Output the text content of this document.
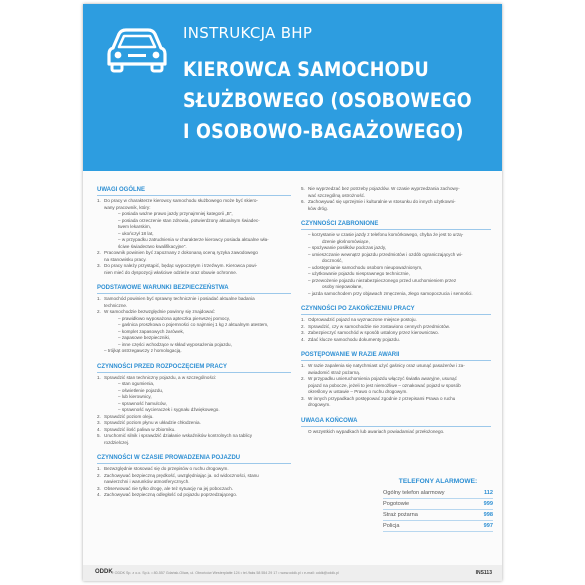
INSTRUKCJA BHP
KIEROWCA SAMOCHODU
SŁUŻBOWEGO (OSOBOWEGO
I OSOBOWO-BAGAŻOWEGO)
UWAGI OGÓLNE
1. Do pracy w charakterze kierowcy samochodu służbowego może być skiero-
wany pracownik, który:
– posiada ważne prawo jazdy przynajmniej kategorii „B”,
– posiada orzeczenie stan zdrowia, potwierdzony aktualnym świadec-
twem lekarskim,
– ukończył 18 lat,
– w przypadku zatrudnienia w charakterze kierowcy posiada aktualne wła-
ściwe świadectwo kwalifikacyjne”.
2. Pracownik powinien być zapoznany z dokonaną oceną ryzyka zawodowego
na stanowisku pracy.
3. Do pracy należy przystąpić, będąc wypoczętym i trzeźwym. Kierowca powi-
nien mieć do dyspozycji właściwe odzieże oraz obuwie ochronne.
PODSTAWOWE WARUNKI BEZPIECZEŃSTWA
1. Samochód powinien być sprawny technicznie i posiadać aktualne badania
techniczne.
2. W samochodzie bezwzględnie powinny się znajdować:
– prawidłowo wyposażona apteczka pierwszej pomocy,
– gaśnica proszkowa o pojemności co najmniej 1 kg z aktualnym atestem,
– komplet zapasowych żarówek,
– zapasowe bezpieczniki,
– inne części wchodzące w skład wyposażenia pojazdu,
– trójkąt ostrzegawczy z homologacją.
CZYNNOŚCI PRZED ROZPOCZĘCIEM PRACY
1. Sprawdzić stan techniczny pojazdu, a w szczególności:
– stan ogumienia,
– oświetlenie pojazdu,
– lub kierownicy,
– sprawność hamulców,
– sprawność wycieraczek i sygnału dźwiękowego.
2. Sprawdzić poziom oleju.
3. Sprawdzić poziom płynu w układzie chłodzenia.
4. Sprawdzić ilość paliwa w zbiorniku.
5. Uruchomić silnik i sprawdzić działanie wskaźników kontrolnych na tablicy
rozdzielczej.
CZYNNOŚCI W CZASIE PROWADZENIA POJAZDU
1. Bezwzględnie stosować się do przepisów o ruchu drogowym.
2. Zachowywać bezpieczną prędkość, uwzględniając ja. od widoczności, stanu
nawierzchni i warunków atmosferycznych.
3. Obserwować nie tylko drogę, ale też sytuację na jej poboczach.
4. Zachowywać bezpieczną odległość od pojazdu poprzedzającego.
5. Nie wyprzedzać bez potrzeby pojazdów. W czasie wyprzedzania zachowy-
wać szczególną ostrożność.
6. Zachowywać się uprzejmie i kulturalnie w stosunku do innych użytkowni-
ków dróg.
CZYNNOŚCI ZABRONIONE
– korzystanie w czasie jazdy z telefonu komórkowego, chyba że jest to urzą-
dzenie głośnomówiące,
– spożywanie posiłków podczas jazdy,
– umieszczanie wewnątrz pojazdu przedmiotów i ozdób ograniczających wi-
doczność,
– udostępnianie samochodu osobom nieupoważnionym,
– użytkowanie pojazdu niesprawnego technicznie,
– przewożenie pojazdu niezabezpieczonego przed uruchomieniem przez
osoby niepowołane,
– jazda samochodem przy objawach zmęczenia, złego samopoczucia i senności.
CZYNNOŚCI PO ZAKOŃCZENIU PRACY
1. Odprowadzić pojazd na wyznaczone miejsce postoju.
2. Sprawdzić, czy w samochodzie nie zostawiono cennych przedmiotów.
3. Zabezpieczyć samochód w sposób ustalony przez kierownictwo.
4. Zdać klucze samochodu dokumenty pojazdu.
POSTĘPOWANIE W RAZIE AWARII
1. W razie zapalenia się natychmiast użyć gaśnicy oraz usunąć pasażerów i za-
awiadomić straż pożarną.
2. W przypadku unieruchomienia pojazdu włączyć światła awaryjne, usunąć
pojazd na pobocze, jeżeli to jest niemożliwe – oznakować pojazd w sposób
określony w ustawie – Prawo o ruchu drogowym.
3. W innych przypadkach postępować zgodnie z przepisami Prawa o ruchu
drogowym.
UWAGA KOŃCOWA
O wszystkich wypadkach lub awariach powiadamiać przełożonego.
TELEFONY ALARMOWE:
Ogólny telefon alarmowy	112
Pogotowie	999
Straż pożarna	998
Policja	997
ODDK
© ODDK Sp. z o.o. Sp.k. • 80-557 Gdańsk-Oliwa, ul. Obrońców Westerplatte 124 • tel./faks 58 554 29 17 • www.oddk.pl • e-mail: oddk@oddk.pl	INS113
